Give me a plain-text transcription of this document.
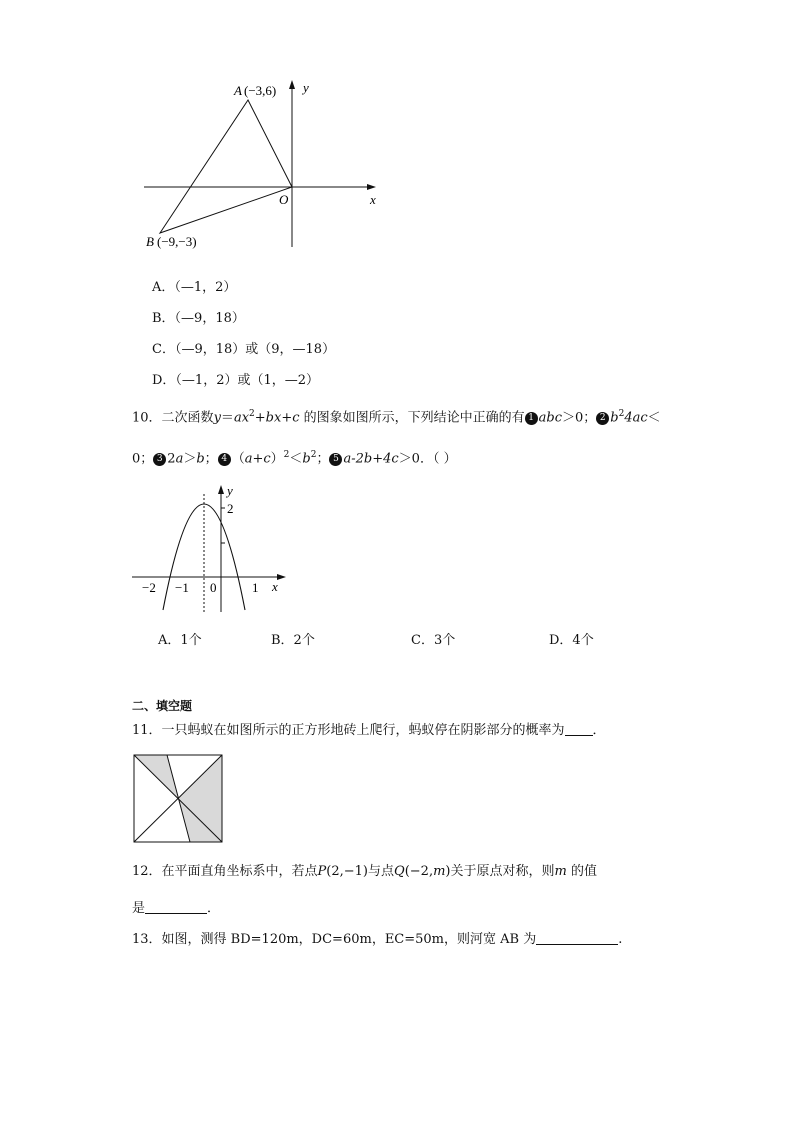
A (−3,6)
B (−9,−3)
O	x
y
A．（—1，2）
B．（—9，18）
C．（—9，18）或（9，—18）
D．（—1，2）或（1，—2）
10．二次函数$y=ax^2+bx+c$ 的图象如图所示，下列结论中正确的有 1 abc＞0； 2 $b^24ac<$
0； 3 2a＞b； 4 $(a+c)^2<b^2$； 5 a-2b+4c＞0．（ ）
y
2
−2 −1 0	1 x
A．1个	B．2个	C．3个	D．4个
二、填空题
11．一只蚂蚁在如图所示的正方形地砖上爬行，蚂蚁停在阴影部分的概率为 ．
12．在平面直角坐标系中，若点P(2,−1)与点Q(−2,m)关于原点对称，则m 的值
是	．
13．如图，测得 BD=120m，DC=60m，EC=50m，则河宽 AB 为	.
